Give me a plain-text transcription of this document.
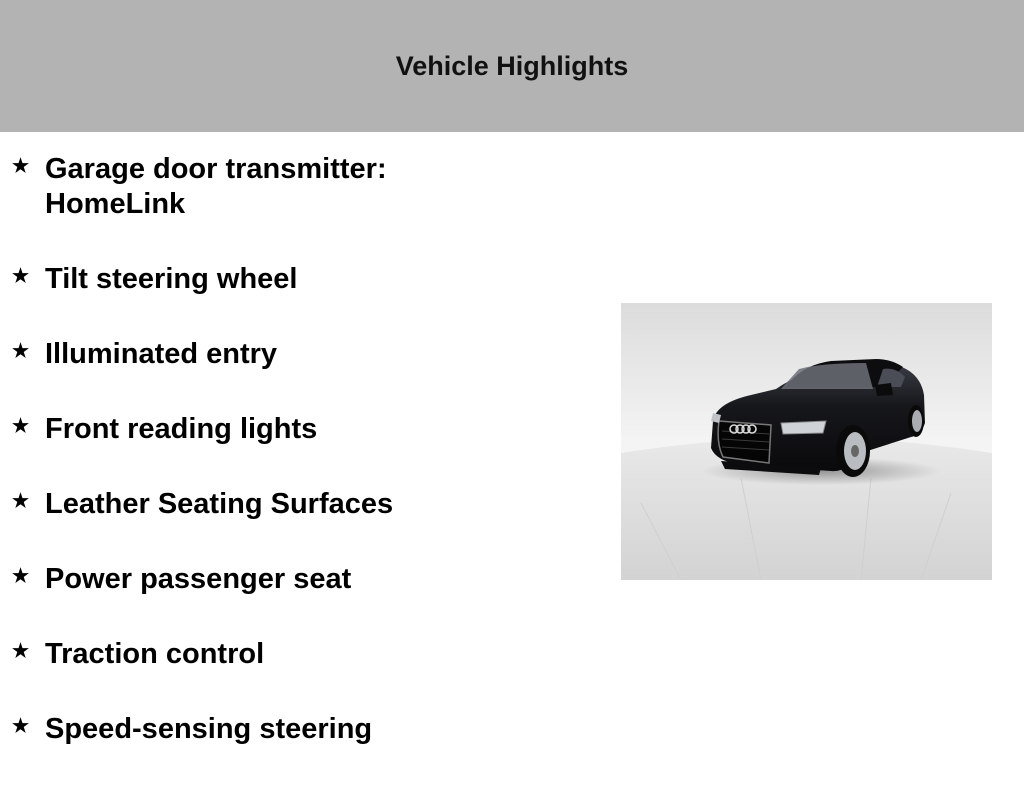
Vehicle Highlights
★ Garage door transmitter: HomeLink
★ Tilt steering wheel
★ Illuminated entry
★ Front reading lights
★ Leather Seating Surfaces
★ Power passenger seat
★ Traction control
★ Speed-sensing steering
